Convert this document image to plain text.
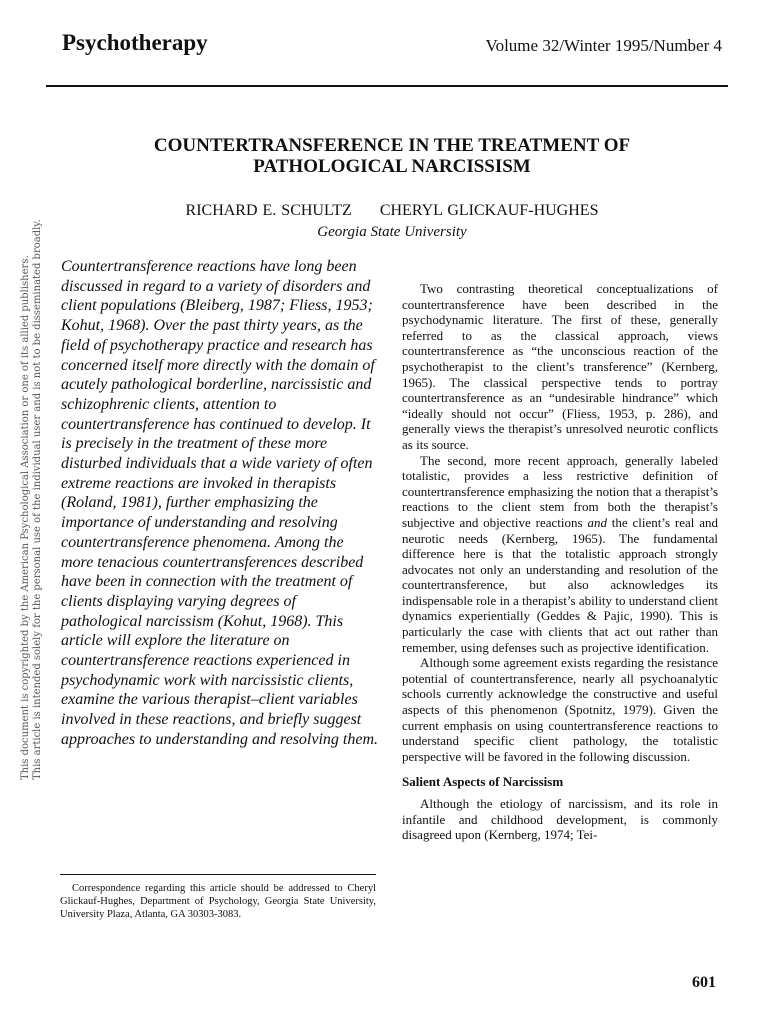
Psychotherapy	Volume 32/Winter 1995/Number 4
COUNTERTRANSFERENCE IN THE TREATMENT OF
PATHOLOGICAL NARCISSISM
RICHARD E. SCHULTZ CHERYL GLICKAUF-HUGHES
Georgia State University
This document is copyrighted by the American Psychological Association or one of its allied publishers. This article is intended solely for the personal use of the individual user and is not to be disseminated broadly. Countertransference reactions have long been discussed in regard to a variety of disorders and client populations (Bleiberg, 1987; Fliess, 1953; Kohut, 1968). Over the past thirty years, as the field of psychotherapy practice and research has concerned itself more directly with the domain of acutely pathological borderline, narcissistic and schizophrenic clients, attention to countertransference has continued to develop. It is precisely in the treatment of these more disturbed individuals that a wide variety of often extreme reactions are invoked in therapists (Roland, 1981), further emphasizing the importance of understanding and resolving countertransference phenomena. Among the more tenacious countertransferences described have been in connection with the treatment of clients displaying varying degrees of pathological narcissism (Kohut, 1968). This article will explore the literature on countertransference reactions experienced in psychodynamic work with narcissistic clients, examine the various therapist–client variables involved in these reactions, and briefly suggest approaches to understanding and resolving them.
Correspondence regarding this article should be addressed to Cheryl Glickauf-Hughes, Department of Psychology, Georgia State University, University Plaza, Atlanta, GA 30303-3083.

Two contrasting theoretical conceptualizations of countertransference have been described in the psychodynamic literature. The first of these, generally referred to as the classical approach, views countertransference as “the unconscious reaction of the psychotherapist to the client’s transference” (Kernberg, 1965). The classical perspective tends to portray countertransference as an “undesirable hindrance” which “ideally should not occur” (Fliess, 1953, p. 286), and generally views the therapist’s unresolved neurotic conflicts as its source.

The second, more recent approach, generally labeled totalistic, provides a less restrictive definition of countertransference emphasizing the notion that a therapist’s reactions to the client stem from both the therapist’s subjective and objective reactions and the client’s real and neurotic needs (Kernberg, 1965). The fundamental difference here is that the totalistic approach strongly advocates not only an understanding and resolution of the countertransference, but also acknowledges its indispensable role in a therapist’s ability to understand client dynamics experientially (Geddes & Pajic, 1990). This is particularly the case with clients that act out rather than remember, using defenses such as projective identification.

Although some agreement exists regarding the resistance potential of countertransference, nearly all psychoanalytic schools currently acknowledge the constructive and useful aspects of this phenomenon (Spotnitz, 1979). Given the current emphasis on using countertransference reactions to understand specific client pathology, the totalistic perspective will be favored in the following discussion.

Salient Aspects of Narcissism

Although the etiology of narcissism, and its role in infantile and childhood development, is commonly disagreed upon (Kernberg, 1974; Tei-

601
